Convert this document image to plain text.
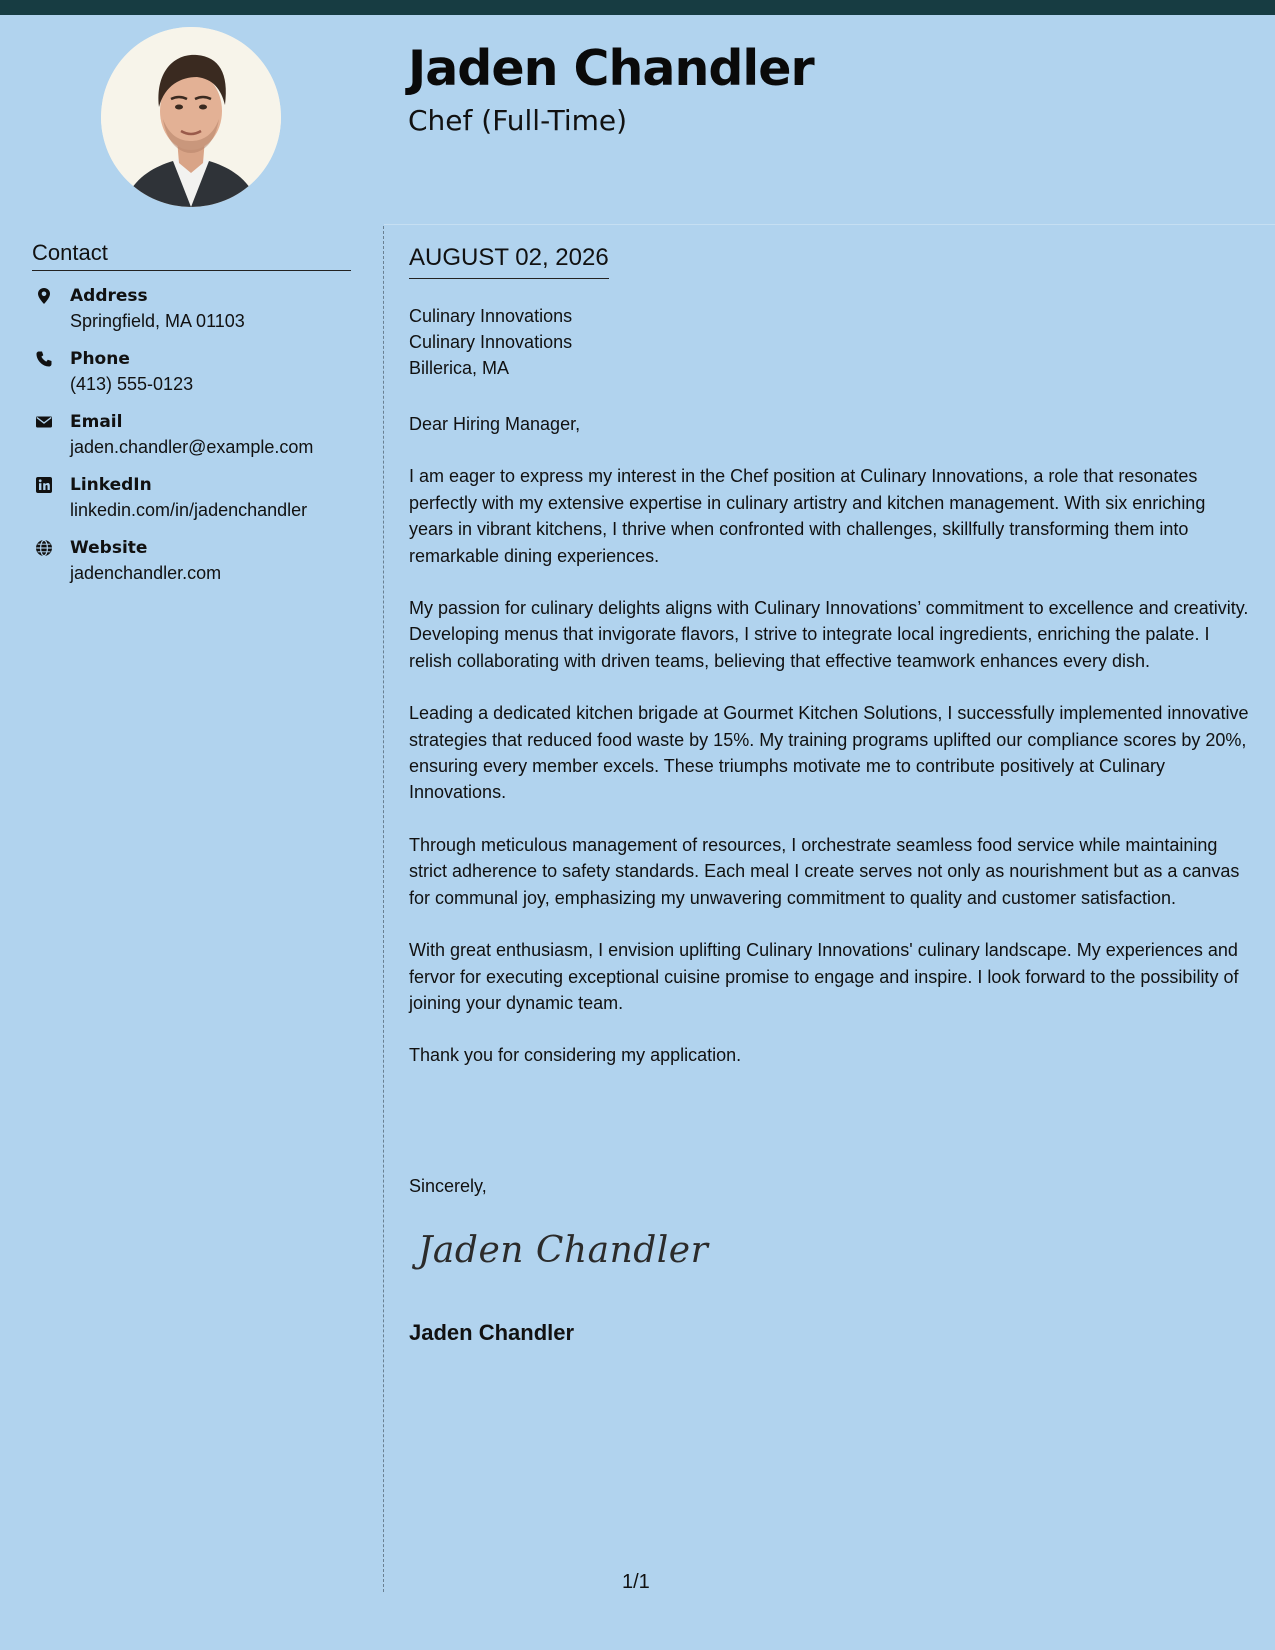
Jaden Chandler
Chef (Full-Time)
Contact
Address
Springfield, MA 01103
Phone
(413) 555-0123
Email
jaden.chandler@example.com
LinkedIn
linkedin.com/in/jadenchandler
Website
jadenchandler.com
AUGUST 02, 2026
Culinary Innovations
Culinary Innovations
Billerica, MA

Dear Hiring Manager,

I am eager to express my interest in the Chef position at Culinary Innovations, a role that resonates perfectly with my extensive expertise in culinary artistry and kitchen management. With six enriching years in vibrant kitchens, I thrive when confronted with challenges, skillfully transforming them into remarkable dining experiences.

My passion for culinary delights aligns with Culinary Innovations’ commitment to excellence and creativity. Developing menus that invigorate flavors, I strive to integrate local ingredients, enriching the palate. I relish collaborating with driven teams, believing that effective teamwork enhances every dish.

Leading a dedicated kitchen brigade at Gourmet Kitchen Solutions, I successfully implemented innovative strategies that reduced food waste by 15%. My training programs uplifted our compliance scores by 20%, ensuring every member excels. These triumphs motivate me to contribute positively at Culinary Innovations.

Through meticulous management of resources, I orchestrate seamless food service while maintaining strict adherence to safety standards. Each meal I create serves not only as nourishment but as a canvas for communal joy, emphasizing my unwavering commitment to quality and customer satisfaction.

With great enthusiasm, I envision uplifting Culinary Innovations' culinary landscape. My experiences and fervor for executing exceptional cuisine promise to engage and inspire. I look forward to the possibility of joining your dynamic team.

Thank you for considering my application.

Sincerely,
Jaden Chandler
Jaden Chandler
1/1
